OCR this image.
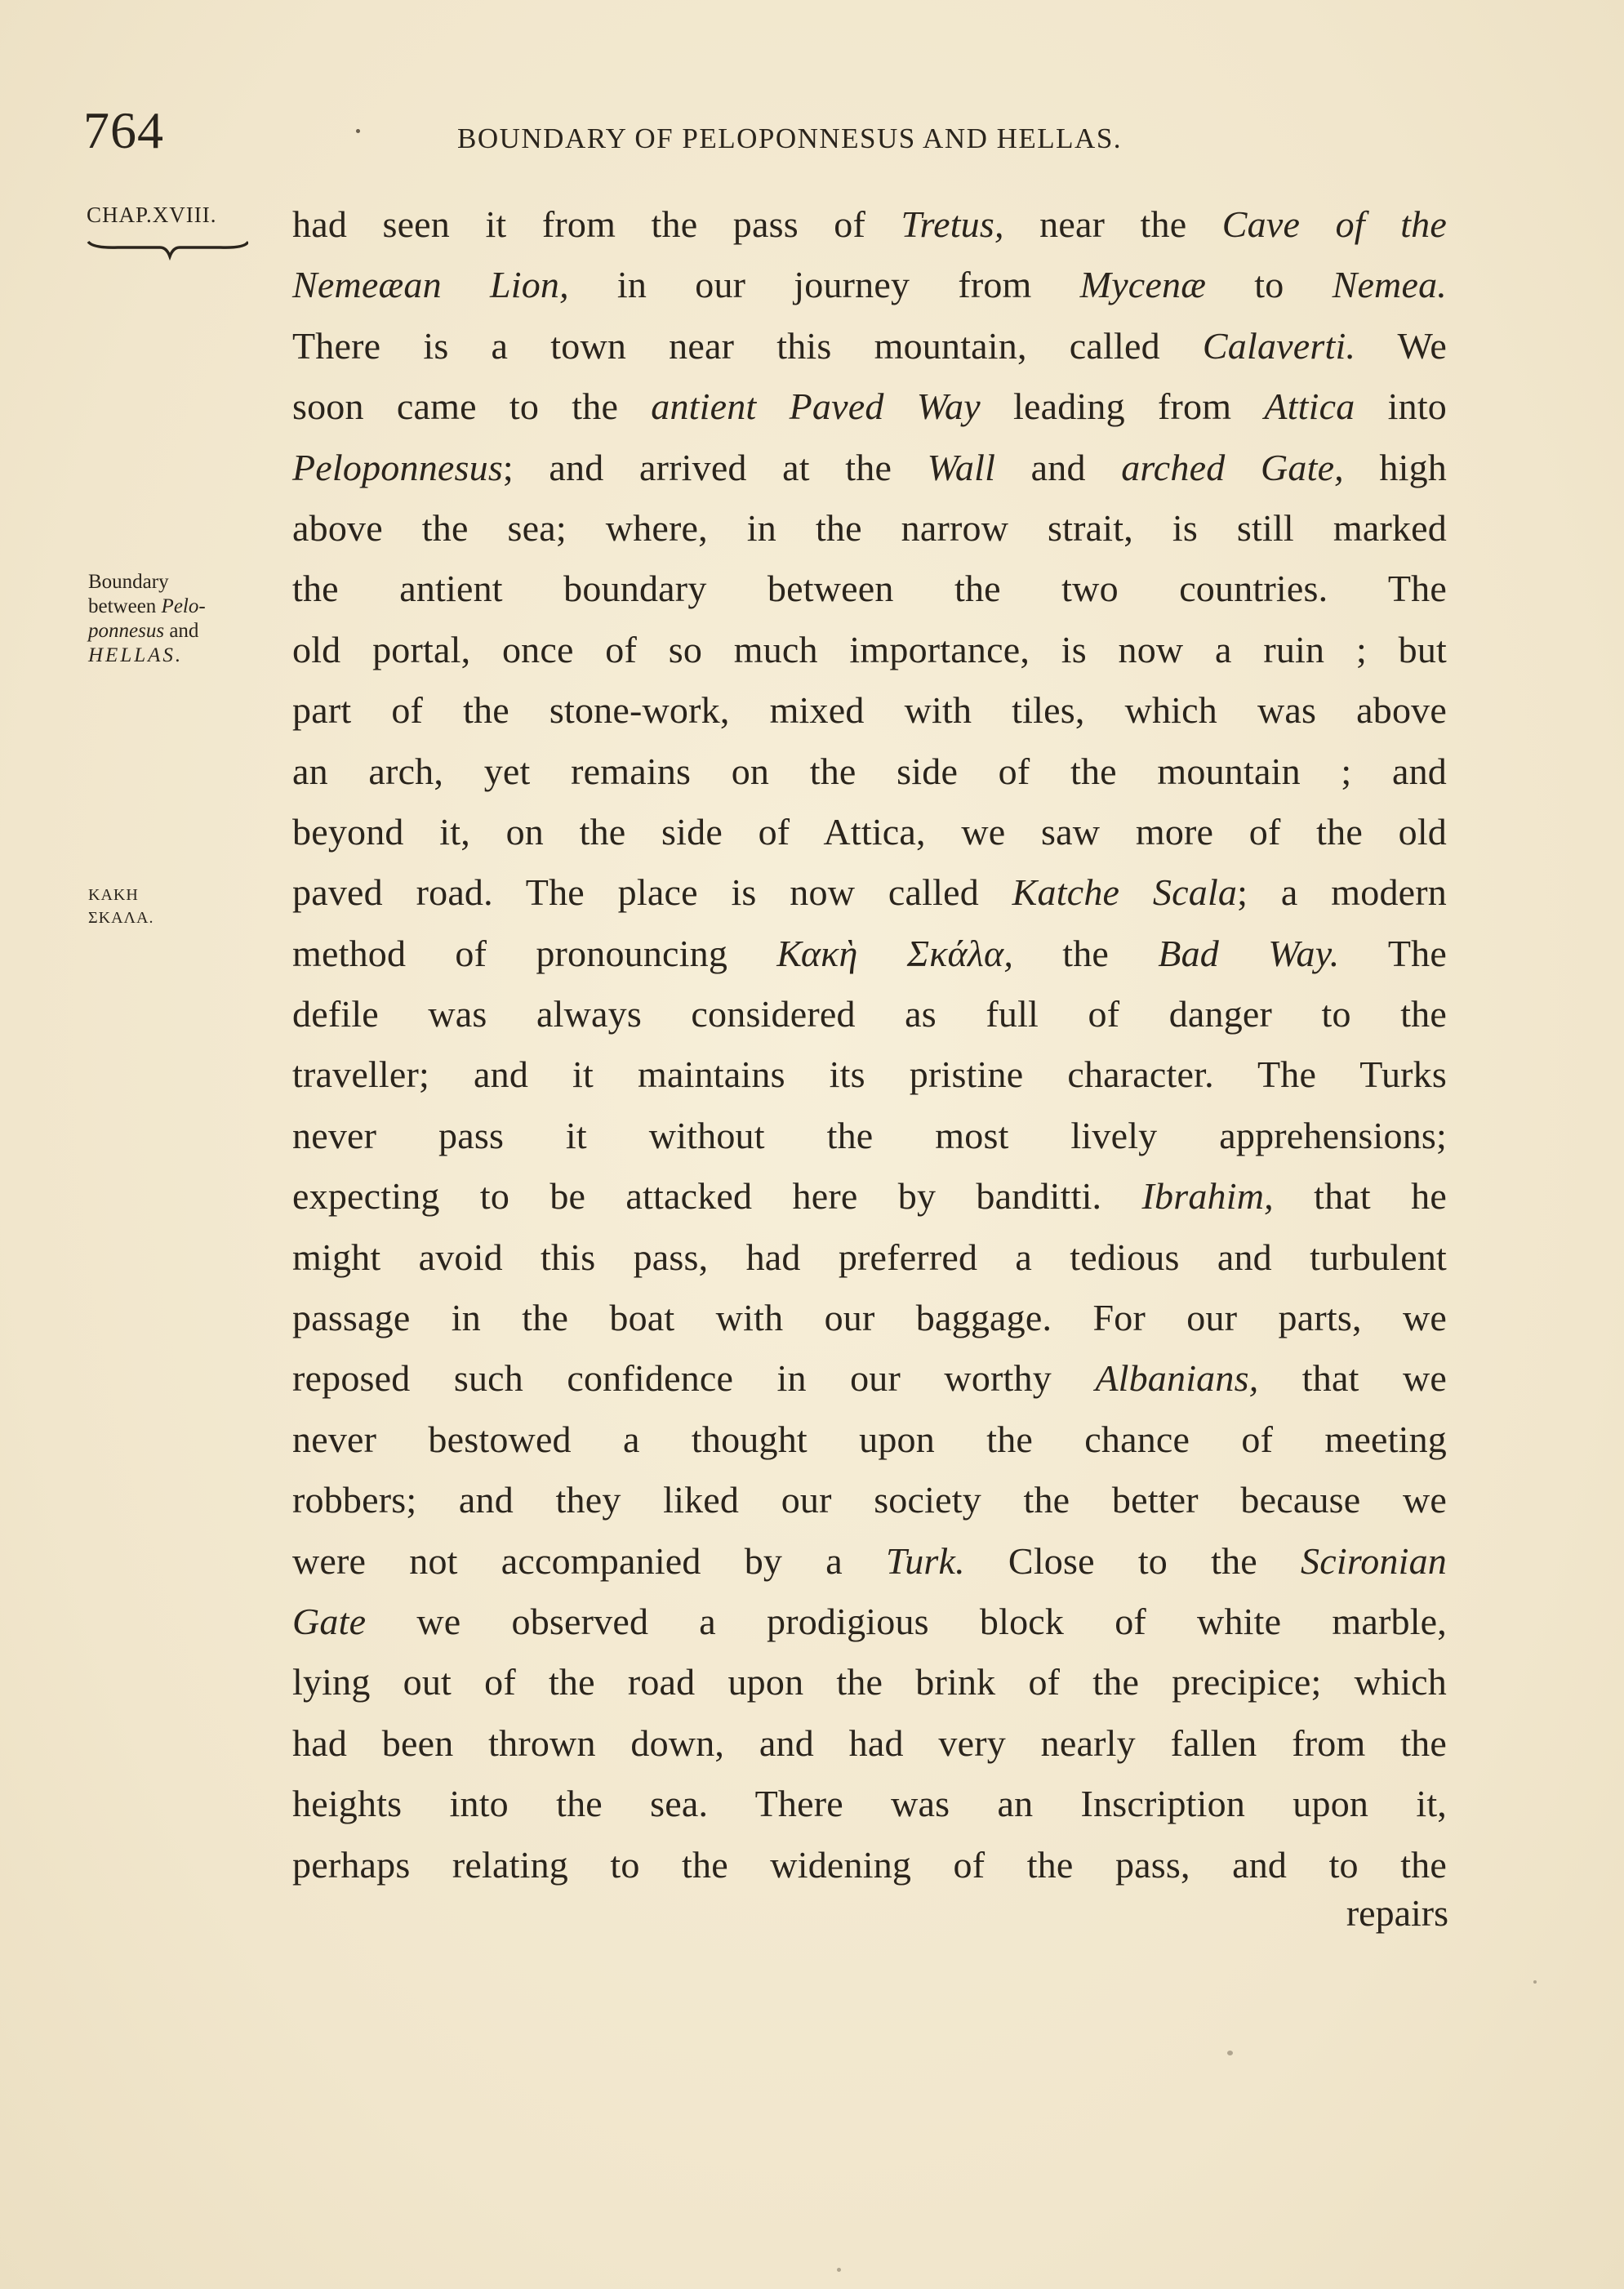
764	BOUNDARY OF PELOPONNESUS AND HELLAS.
CHAP.XVIII.
Boundary
between Pelo-
ponnesus and
HELLAS.
KAKH
ΣΚΑΛΑ.
had seen it from the pass of Tretus, near the Cave of the
Nemeæan Lion, in our journey from Mycenæ to Nemea.
There is a town near this mountain, called Calaverti. We
soon came to the antient Paved Way leading from Attica into
Peloponnesus; and arrived at the Wall and arched Gate, high
above the sea; where, in the narrow strait, is still marked
the antient boundary between the two countries. The
old portal, once of so much importance, is now a ruin ; but
part of the stone-work, mixed with tiles, which was above
an arch, yet remains on the side of the mountain ; and
beyond it, on the side of Attica, we saw more of the old
paved road. The place is now called Katche Scala; a modern
method of pronouncing Κακὴ Σκάλα, the Bad Way. The
defile was always considered as full of danger to the
traveller; and it maintains its pristine character. The Turks
never pass it without the most lively apprehensions;
expecting to be attacked here by banditti. Ibrahim, that he
might avoid this pass, had preferred a tedious and turbulent
passage in the boat with our baggage. For our parts, we
reposed such confidence in our worthy Albanians, that we
never bestowed a thought upon the chance of meeting
robbers; and they liked our society the better because we
were not accompanied by a Turk. Close to the Scironian
Gate we observed a prodigious block of white marble,
lying out of the road upon the brink of the precipice; which
had been thrown down, and had very nearly fallen from the
heights into the sea. There was an Inscription upon it,
perhaps relating to the widening of the pass, and to the
repairs
